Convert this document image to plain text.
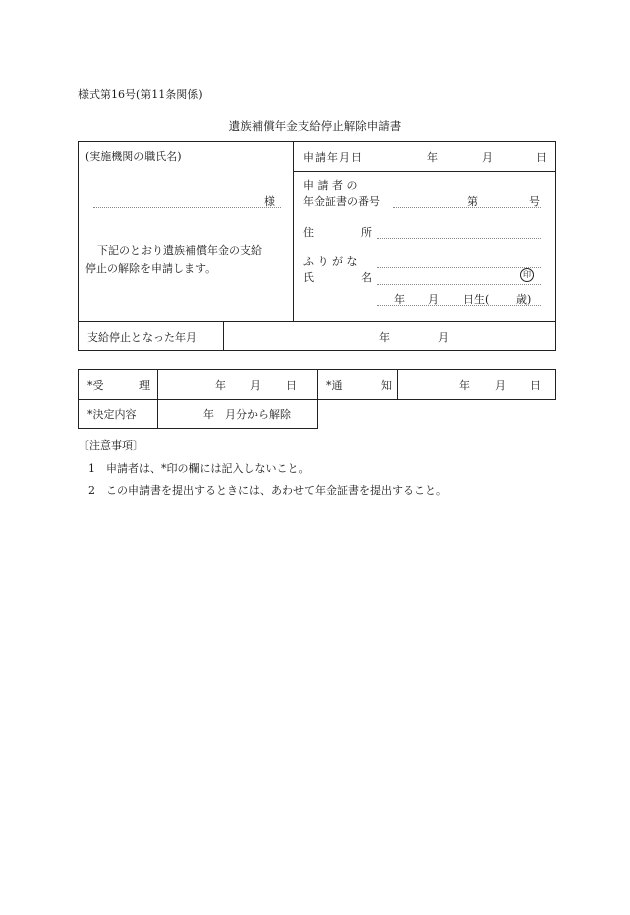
様式第16号(第11条関係)
遺族補償年金支給停止解除申請書
(実施機関の職氏名)
様
下記のとおり遺族補償年金の支給
停止の解除を申請します。
申請年月日	年	月	日
申 請 者 の
年金証書の番号	第	号
住	所
ふ り が な
氏	名	印
年 月 日生( 歳)
支給停止となった年月	年	月
*受	理	年 月 日	*通	知	年 月 日
*決定内容	年　月分から解除
〔注意事項〕
1　申請者は、*印の欄には記入しないこと。
2　この申請書を提出するときには、あわせて年金証書を提出すること。
